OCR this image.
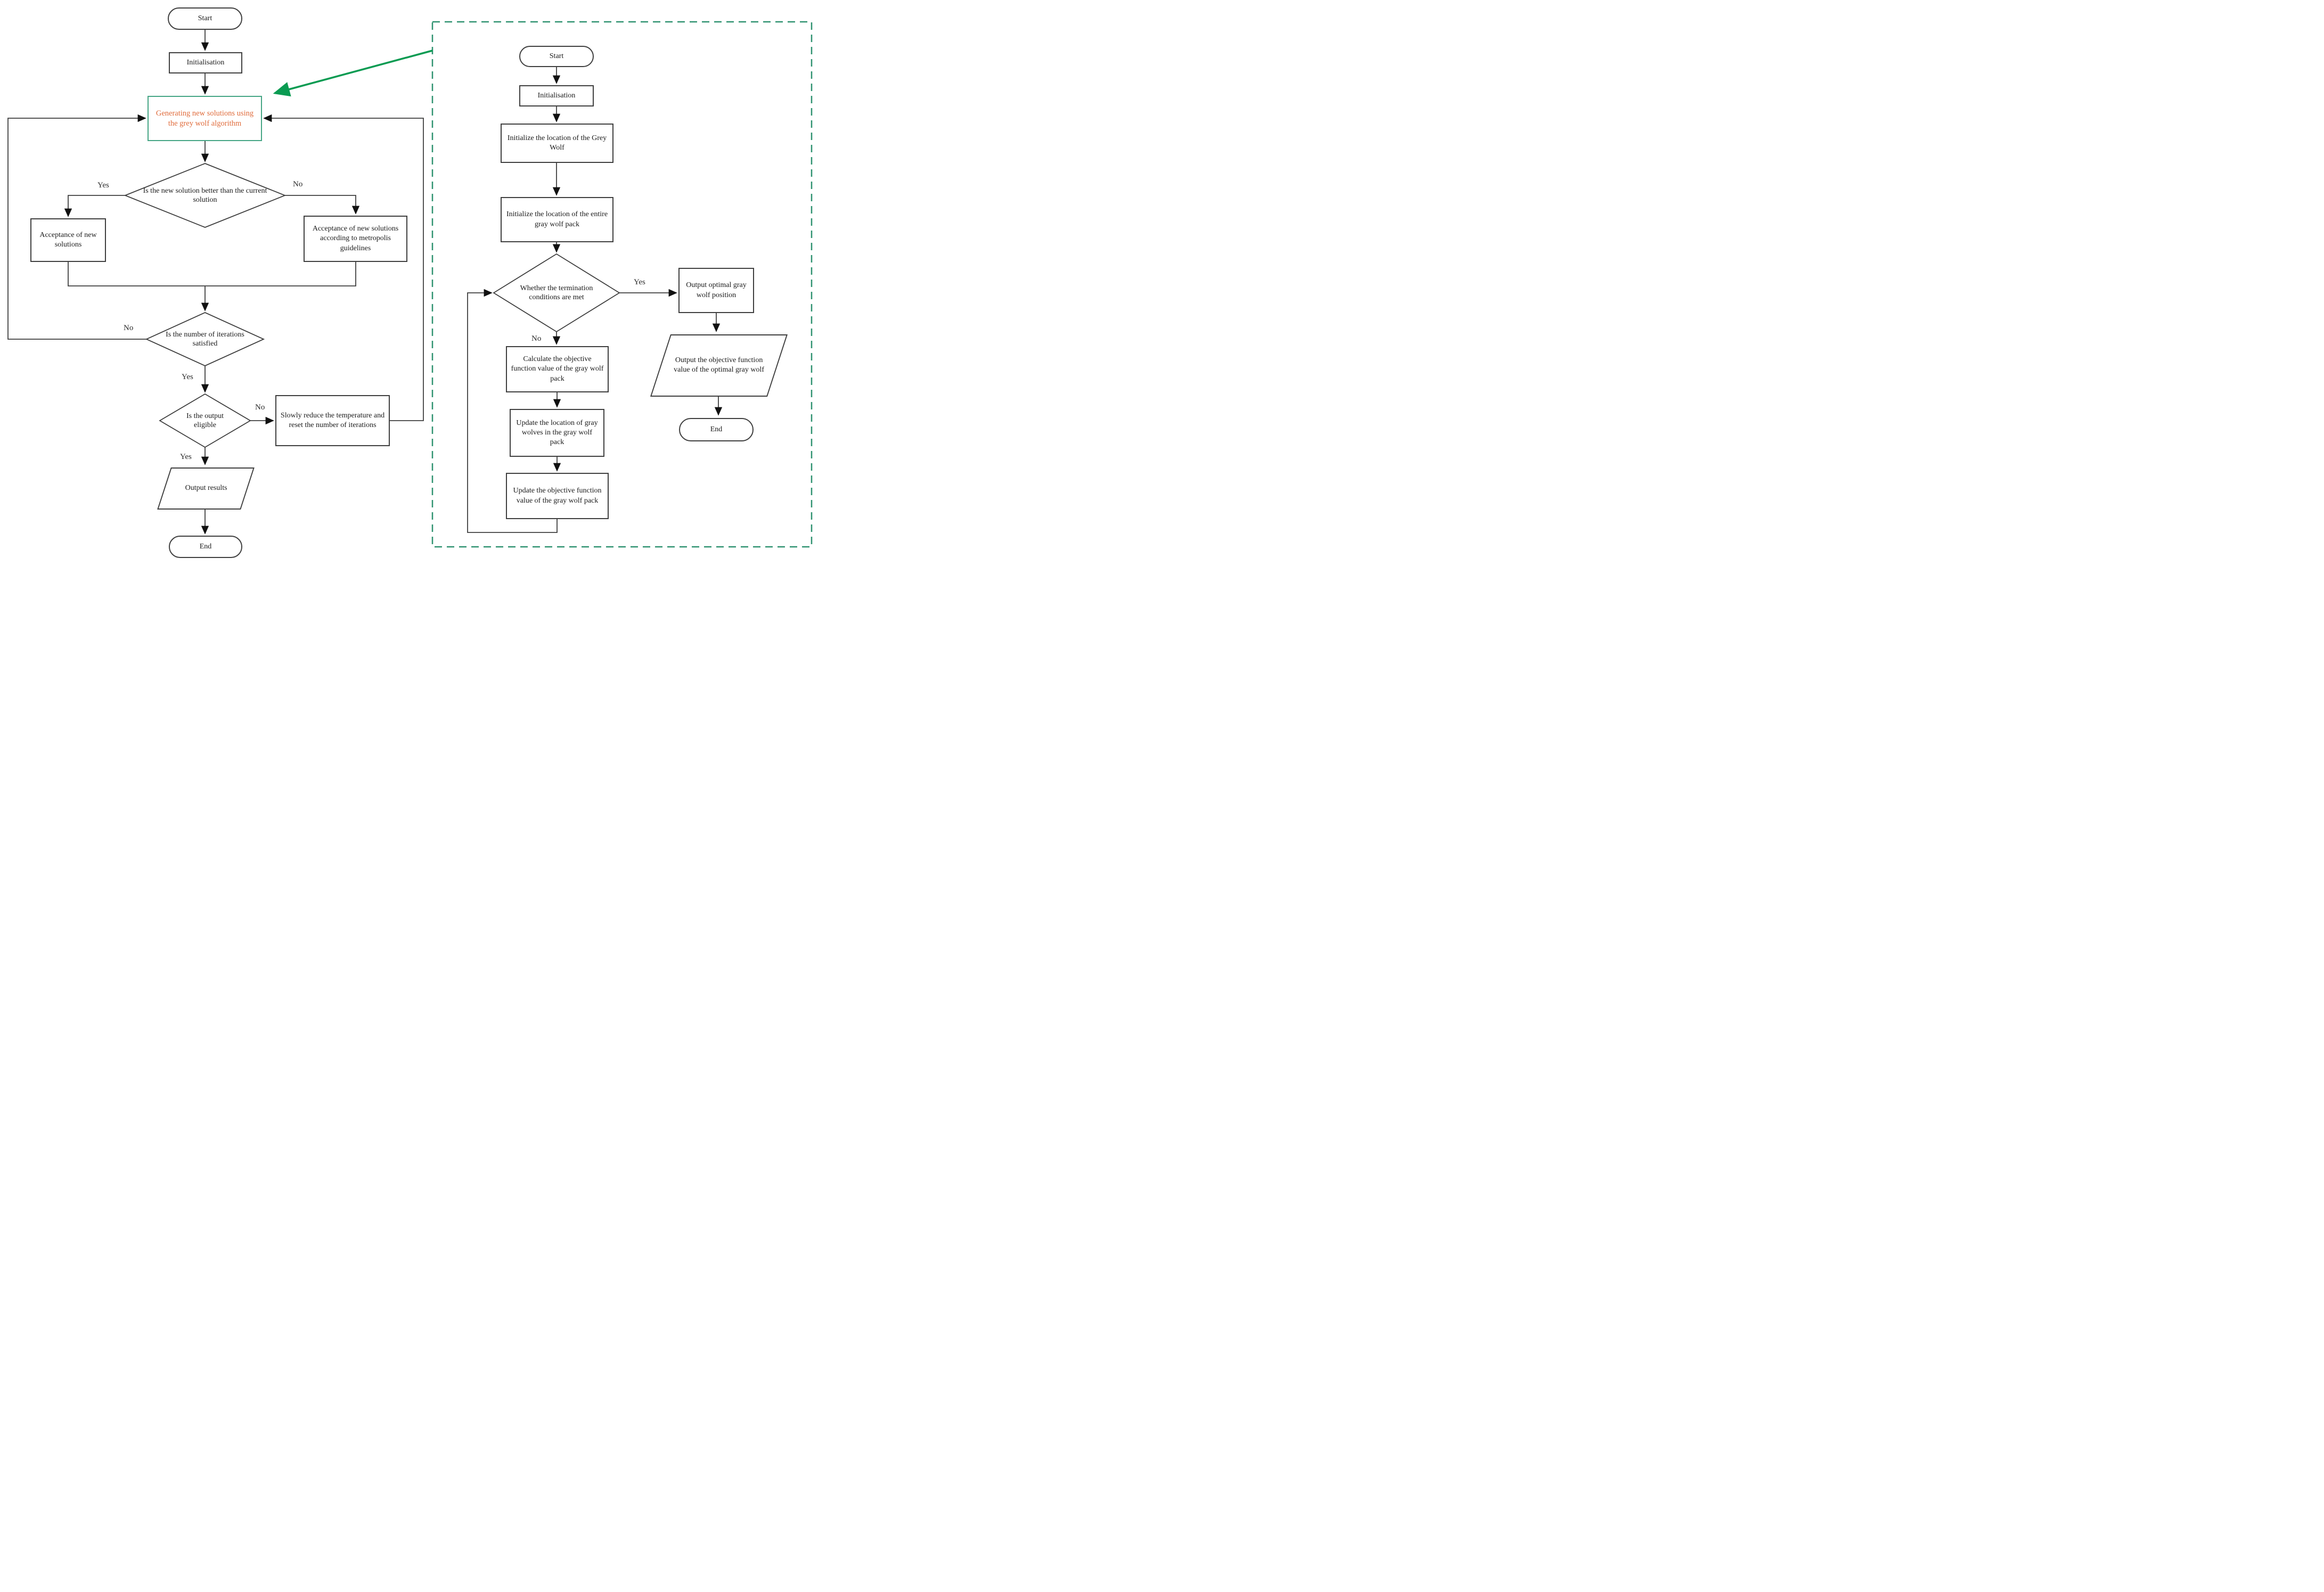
Start
Initialisation
Generating new solutions using the grey wolf algorithm
Is the new solution better than the current solution
Acceptance of new solutions
Acceptance of new solutions according to metropolis guidelines
Is the number of iterations satisfied
Is the output eligible
Slowly reduce the temperature and reset the number of iterations
Output results
End
Yes	No
No
Yes
No
Yes
Start
Initialisation
Initialize the location of the Grey Wolf
Initialize the location of the entire gray wolf pack
Whether the termination conditions are met
Output optimal gray wolf position
Calculate the objective function value of the gray wolf pack
Update the location of gray wolves in the gray wolf pack
Update the objective function value of the gray wolf pack
Output the objective function value of the optimal gray wolf
End
Yes
No
